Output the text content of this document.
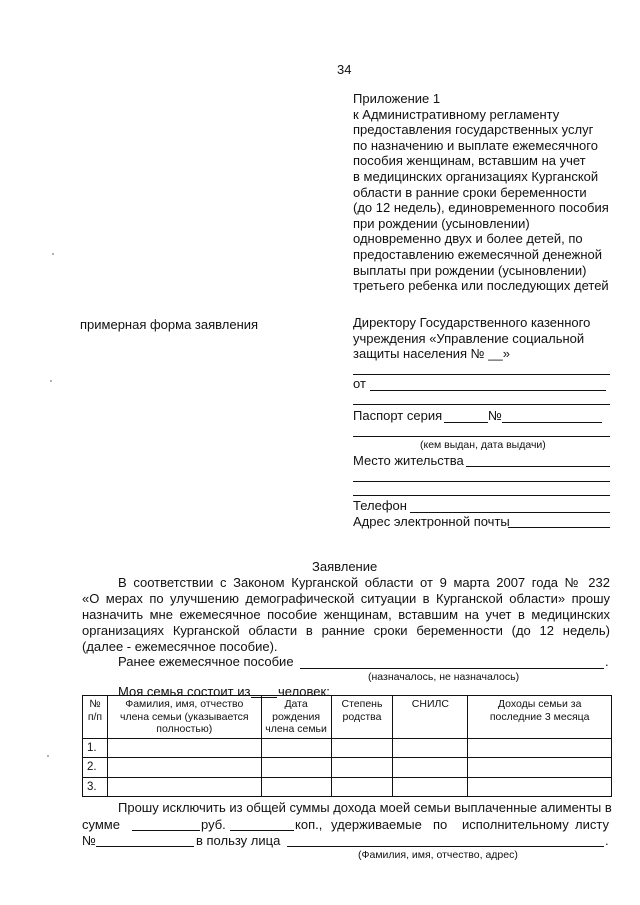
34
Приложение 1
к Административному регламенту
предоставления государственных услуг
по назначению и выплате ежемесячного
пособия женщинам, вставшим на учет
в медицинских организациях Курганской
области в ранние сроки беременности
(до 12 недель), единовременного пособия
при рождении (усыновлении)
одновременно двух и более детей, по
предоставлению ежемесячной денежной
выплаты при рождении (усыновлении)
третьего ребенка или последующих детей
примерная форма заявления	Директору Государственного казенного
учреждения «Управление социальной
защиты населения № __»
от
Паспорт серия	№
(кем выдан, дата выдачи)
Место жительства
Телефон
Адрес электронной почты
Заявление
В соответствии с Законом Курганской области от 9 марта 2007 года № 232
«О мерах по улучшению демографической ситуации в Курганской области» прошу
назначить мне ежемесячное пособие женщинам, вставшим на учет в медицинских
организациях Курганской области в ранние сроки беременности (до 12 недель)
(далее - ежемесячное пособие).
Ранее ежемесячное пособие	.
(назначалось, не назначалось)
Моя семья состоит из человек:
№ п/п	Фамилия, имя, отчество члена семьи (указывается полностью)	Дата рождения члена семьи	Степень родства	СНИЛС	Доходы семьи за последние 3 месяца
1.					
2.					
3.					
Прошу исключить из общей суммы дохода моей семьи выплаченные алименты в
сумме	руб.	коп., удерживаемые по исполнительному листу
№	в пользу лица	.
(Фамилия, имя, отчество, адрес)
